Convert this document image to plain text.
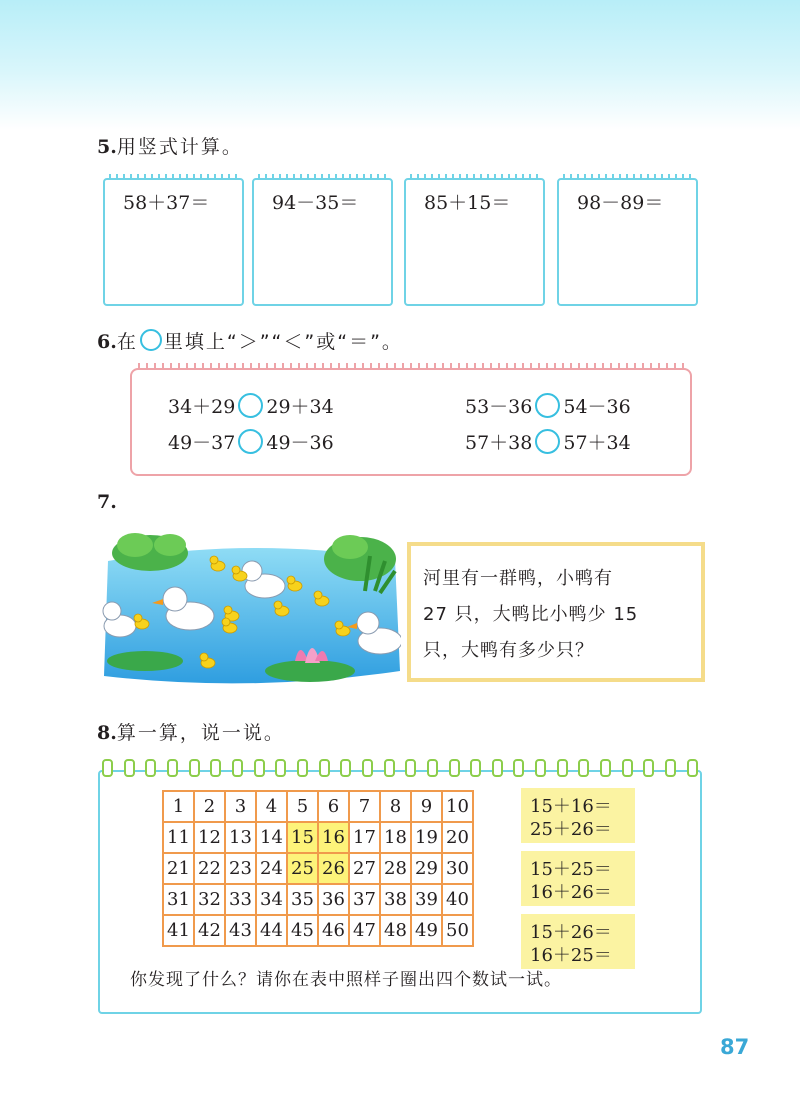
5.用竖式计算。
58＋37＝	94－35＝	85＋15＝	98－89＝
6.在 里填上“＞”“＜”或“＝”。
34＋29 29＋34	53－36 54－36
49－37 49－36	57＋38 57＋34
7.

河里有一群鸭，小鸭有

27 只，大鸭比小鸭少 15

只，大鸭有多少只？

8.算一算，说一说。
1	2	3	4	5	6	7	8	9	10
11	12	13	14	15	16	17	18	19	20
21	22	23	24	25	26	27	28	29	30
31	32	33	34	35	36	37	38	39	40
41	42	43	44	45	46	47	48	49	50
15＋16＝
25＋26＝
15＋25＝
16＋26＝
15＋26＝
16＋25＝
你发现了什么？请你在表中照样子圈出四个数试一试。
87
